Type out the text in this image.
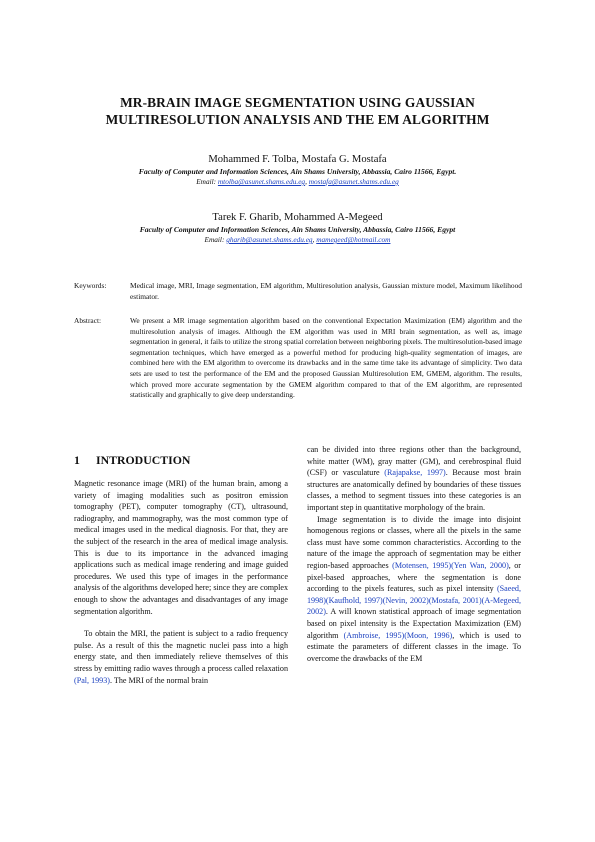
MR-BRAIN IMAGE SEGMENTATION USING GAUSSIAN
MULTIRESOLUTION ANALYSIS AND THE EM ALGORITHM
Mohammed F. Tolba, Mostafa G. Mostafa
Faculty of Computer and Information Sciences, Ain Shams University, Abbassia, Cairo 11566, Egypt.
Email: mtolba@asunet.shams.edu.eg, mostafa@asunet.shams.edu.eg
Tarek F. Gharib, Mohammed A-Megeed
Faculty of Computer and Information Sciences, Ain Shams University, Abbassia, Cairo 11566, Egypt
Email: gharib@asunet.shams.edu.eg, mamegeed@hotmail.com
Keywords:	Medical image, MRI, Image segmentation, EM algorithm, Multiresolution analysis, Gaussian mixture model, Maximum likelihood estimator.
Abstract:	We present a MR image segmentation algorithm based on the conventional Expectation Maximization (EM) algorithm and the multiresolution analysis of images. Although the EM algorithm was used in MRI brain segmentation, as well as, image segmentation in general, it fails to utilize the strong spatial correlation between neighboring pixels. The multiresolution-based image segmentation techniques, which have emerged as a powerful method for producing high-quality segmentation of images, are combined here with the EM algorithm to overcome its drawbacks and in the same time take its advantage of simplicity. Two data sets are used to test the performance of the EM and the proposed Gaussian Multiresolution EM, GMEM, algorithm. The results, which proved more accurate segmentation by the GMEM algorithm compared to that of the EM algorithm, are represented statistically and graphically to give deep understanding.
1 INTRODUCTION

Magnetic resonance image (MRI) of the human brain, among a variety of imaging modalities such as positron emission tomography (PET), computer tomography (CT), ultrasound, radiography, and mammography, was the most common type of medical images used in the medical diagnosis. For that, they are the subject of the research in the area of medical image analysis. This is due to its importance in the advanced imaging applications such as medical image rendering and image guided procedures. We used this type of images in the performance analysis of the algorithms developed here; since they are complex enough to show the advantages and disadvantages of any image segmentation algorithm.

To obtain the MRI, the patient is subject to a radio frequency pulse. As a result of this the magnetic nuclei pass into a high energy state, and then immediately relieve themselves of this stress by emitting radio waves through a process called relaxation (Pal, 1993). The MRI of the normal brain

can be divided into three regions other than the background, white matter (WM), gray matter (GM), and cerebrospinal fluid (CSF) or vasculature (Rajapakse, 1997). Because most brain structures are anatomically defined by boundaries of these tissues classes, a method to segment tissues into these categories is an important step in quantitative morphology of the brain.

Image segmentation is to divide the image into disjoint homogenous regions or classes, where all the pixels in the same class must have some common characteristics. According to the nature of the image the approach of segmentation may be either region-based approaches (Motensen, 1995)(Yen Wan, 2000), or pixel-based approaches, where the segmentation is done according to the pixels features, such as pixel intensity (Saeed, 1998)(Kaufhold, 1997)(Nevin, 2002)(Mostafa, 2001)(A-Megeed, 2002). A will known statistical approach of image segmentation based on pixel intensity is the Expectation Maximization (EM) algorithm (Ambroise, 1995)(Moon, 1996), which is used to estimate the parameters of different classes in the image. To overcome the drawbacks of the EM
